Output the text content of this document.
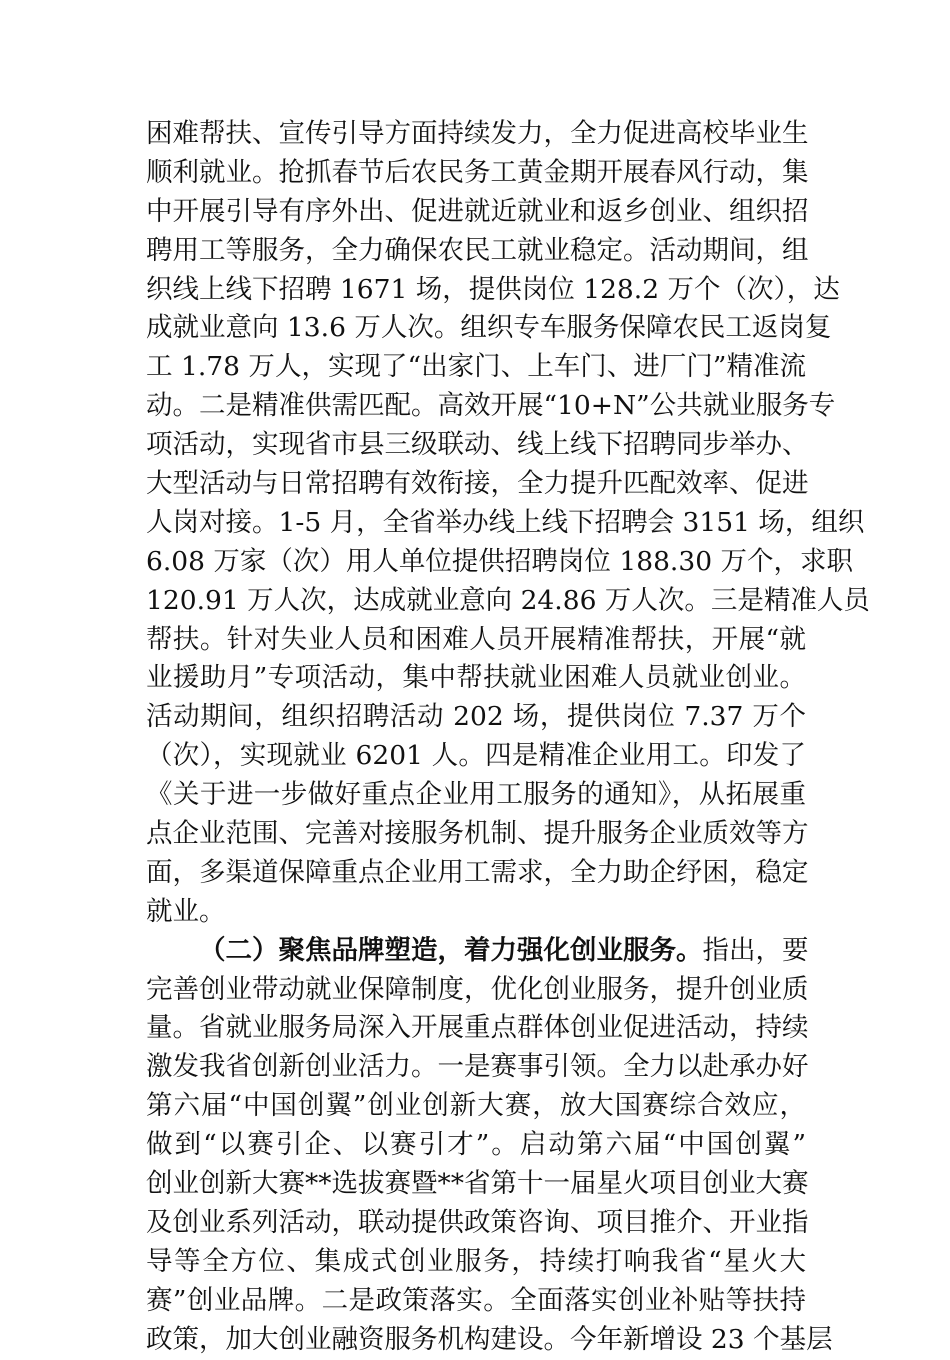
困难帮扶、宣传引导方面持续发力，全力促进高校毕业生
顺利就业。抢抓春节后农民务工黄金期开展春风行动，集
中开展引导有序外出、促进就近就业和返乡创业、组织招
聘用工等服务，全力确保农民工就业稳定。活动期间，组
织线上线下招聘 1671 场，提供岗位 128.2 万个（次），达
成就业意向 13.6 万人次。组织专车服务保障农民工返岗复
工 1.78 万人，实现了“出家门、上车门、进厂门”精准流
动。二是精准供需匹配。高效开展“10+N”公共就业服务专
项活动，实现省市县三级联动、线上线下招聘同步举办、
大型活动与日常招聘有效衔接，全力提升匹配效率、促进
人岗对接。1-5 月，全省举办线上线下招聘会 3151 场，组织
6.08 万家（次）用人单位提供招聘岗位 188.30 万个，求职
120.91 万人次，达成就业意向 24.86 万人次。三是精准人员
帮扶。针对失业人员和困难人员开展精准帮扶，开展“就
业援助月”专项活动，集中帮扶就业困难人员就业创业。
活动期间，组织招聘活动 202 场，提供岗位 7.37 万个
（次），实现就业 6201 人。四是精准企业用工。印发了
《关于进一步做好重点企业用工服务的通知》，从拓展重
点企业范围、完善对接服务机制、提升服务企业质效等方
面，多渠道保障重点企业用工需求，全力助企纾困，稳定
就业。
（二）聚焦品牌塑造，着力强化创业服务。指出，要
完善创业带动就业保障制度，优化创业服务，提升创业质
量。省就业服务局深入开展重点群体创业促进活动，持续
激发我省创新创业活力。一是赛事引领。全力以赴承办好
第六届“中国创翼”创业创新大赛，放大国赛综合效应，
做到“以赛引企、以赛引才”。启动第六届“中国创翼”
创业创新大赛**选拔赛暨**省第十一届星火项目创业大赛
及创业系列活动，联动提供政策咨询、项目推介、开业指
导等全方位、集成式创业服务，持续打响我省“星火大
赛”创业品牌。二是政策落实。全面落实创业补贴等扶持
政策，加大创业融资服务机构建设。今年新增设 23 个基层
